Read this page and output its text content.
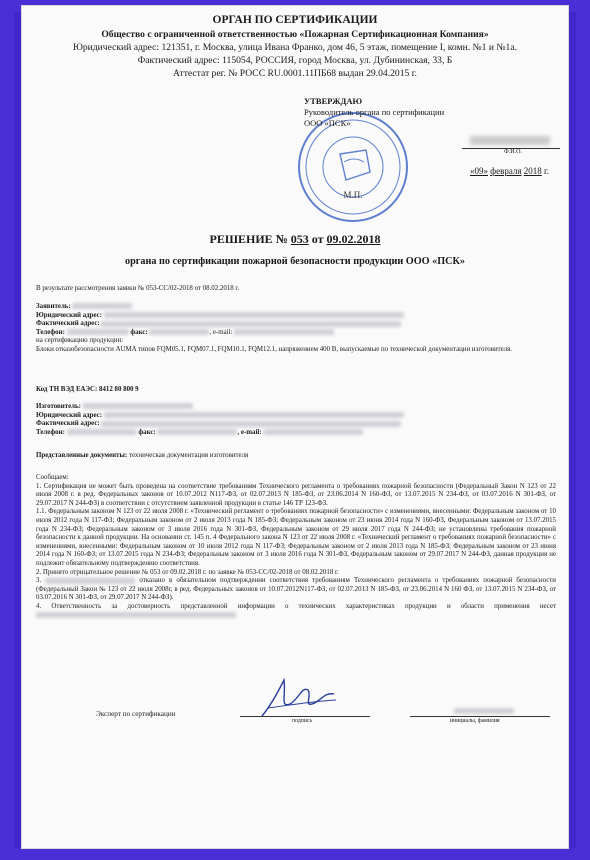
ОРГАН ПО СЕРТИФИКАЦИИ
Общество с ограниченной ответственностью «Пожарная Сертификационная Компания»
Юридический адрес: 121351, г. Москва, улица Ивана Франко, дом 46, 5 этаж, помещение I, комн. №1 и №1а.
Фактический адрес: 115054, РОССИЯ, город Москва, ул. Дубининская, 33, Б
Аттестат рег. № РОСС RU.0001.11ПБ68 выдан 29.04.2015 г.
М.П.
УТВЕРЖДАЮ
Руководитель органа по сертификации
ООО «ПСК»
Ф.И.О.
«09» февраля 2018 г.
РЕШЕНИЕ № 053 от 09.02.2018
органа по сертификации пожарной безопасности продукции ООО «ПСК»
В результате рассмотрения заявки № 053-СС/02-2018 от 08.02.2018 г.
Заявитель:
Юридический адрес:
Фактический адрес:
Телефон:	факс:	, e-mail:
на сертификацию продукции:
Блоки отказобезопасности AUMA типов FQM05.1, FQM07.1, FQM10.1, FQM12.1, напряжением 400 В, выпускаемые по технической документации изготовителя.
Код ТН ВЭД ЕАЭС: 8412 80 800 9
Изготовитель:
Юридический адрес:
Фактический адрес:
Телефон:	факс:	, e-mail:
Представленные документы: техническая документация изготовителя
Сообщаем:
1. Сертификация не может быть проведена на соответствие требованиям Технического регламента о требованиях пожарной безопасности (Федеральный Закон N 123 от 22 июля 2008 г. в ред. Федеральных законов от 10.07.2012 N117-ФЗ, от 02.07.2013 N 185-ФЗ, от 23.06.2014 N 160-ФЗ, от 13.07.2015 N 234-ФЗ, от 03.07.2016 N 301-ФЗ, от 29.07.2017 N 244-ФЗ) в соответствии с отсутствием заявленной продукции в статье 146 ТР 123-ФЗ.
1.1. Федеральным законом N 123 от 22 июля 2008 г. «Технический регламент о требованиях пожарной безопасности» с изменениями, внесенными: Федеральным законом от 10 июля 2012 года N 117-ФЗ; Федеральным законом от 2 июля 2013 года N 185-ФЗ; Федеральным законом от 23 июня 2014 года N 160-ФЗ, Федеральным законом от 13.07.2015 года N 234-ФЗ; Федеральным законом от 3 июля 2016 года N 301-ФЗ, Федеральным законом от 29 июля 2017 года N 244-ФЗ; не установлены требования пожарной безопасности к данной продукции. На основании ст. 145 п. 4 Федерального закона N 123 от 22 июля 2008 г. «Технический регламент о требованиях пожарной безопасности» с изменениями, внесенными: Федеральным законом от 10 июля 2012 года N 117-ФЗ; Федеральным законом от 2 июля 2013 года N 185-ФЗ; Федеральным законом от 23 июня 2014 года N 160-ФЗ; от 13.07.2015 года N 234-ФЗ; Федеральным законом от 3 июля 2016 года N 301-ФЗ, Федеральным законом от 29.07.2017 N 244-ФЗ, данная продукция не подлежит обязательному подтверждению соответствия.
2. Принято отрицательное решение № 053 от 09.02.2018 г. по заявке № 053-СС/02-2018 от 08.02.2018 г.
3.	отказано в обязательном подтверждении соответствия требованиям Технического регламента о требованиях пожарной безопасности (Федеральный Закон № 123 от 22 июля 2008г, в ред. Федеральных законов от 10.07.2012N117-ФЗ, от 02.07.2013 N 185-ФЗ, от 23.06.2014 N 160 ФЗ, от 13.07.2015 N 234-ФЗ, от 03.07.2016 N 301-ФЗ, от 29.07.2017 N 244-ФЗ).
4. Ответственность за достоверность представленной информации о технических характеристиках продукции и области применения несет
Эксперт по сертификации
подпись	инициалы, фамилия
